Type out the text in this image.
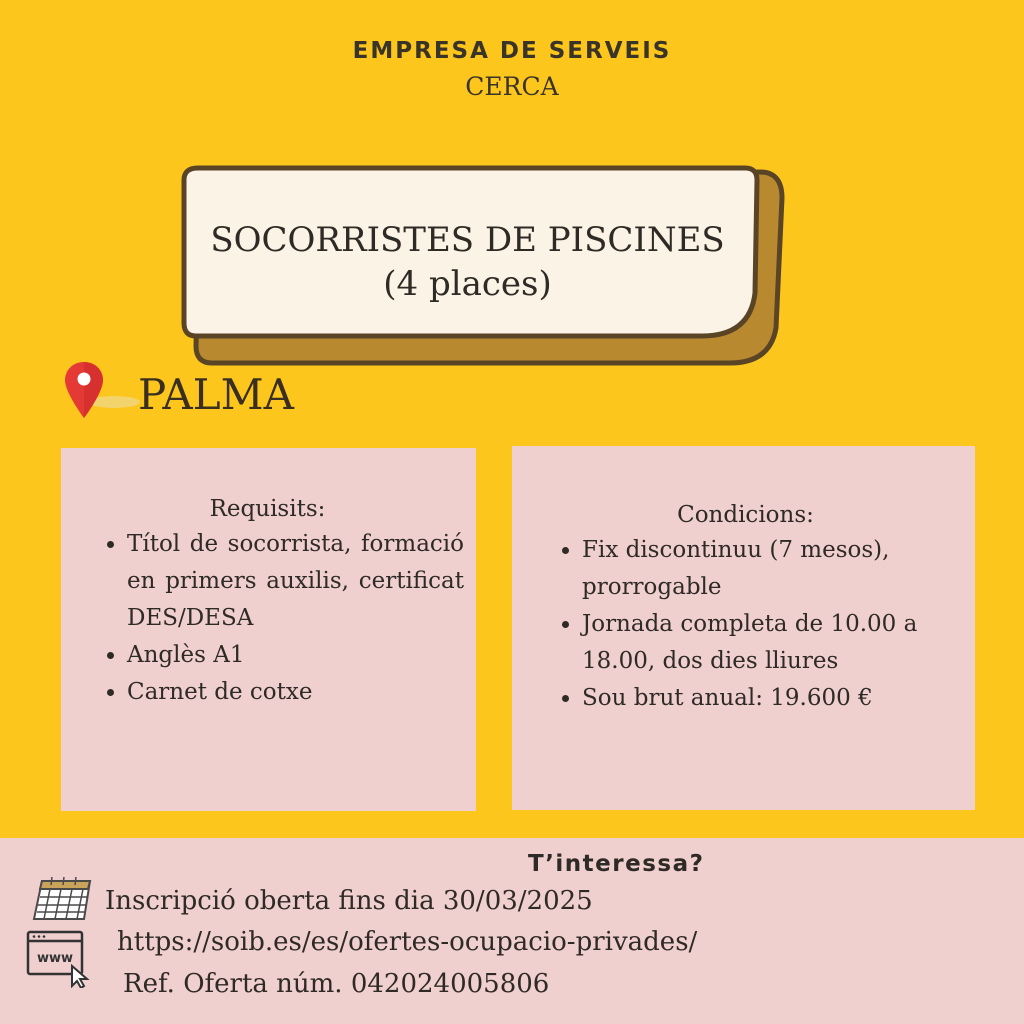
EMPRESA DE SERVEIS
CERCA
SOCORRISTES DE PISCINES
(4 places)
PALMA
Requisits:
• Títol de socorrista, formació en primers auxilis, certificat DES/DESA
• Anglès A1
• Carnet de cotxe
Condicions:
• Fix discontinuu (7 mesos), prorrogable
• Jornada completa de 10.00 a 18.00, dos dies lliures
• Sou brut anual: 19.600 €
T’interessa?
www
Inscripció oberta fins dia 30/03/2025
https://soib.es/es/ofertes-ocupacio-privades/
Ref. Oferta núm. 042024005806
